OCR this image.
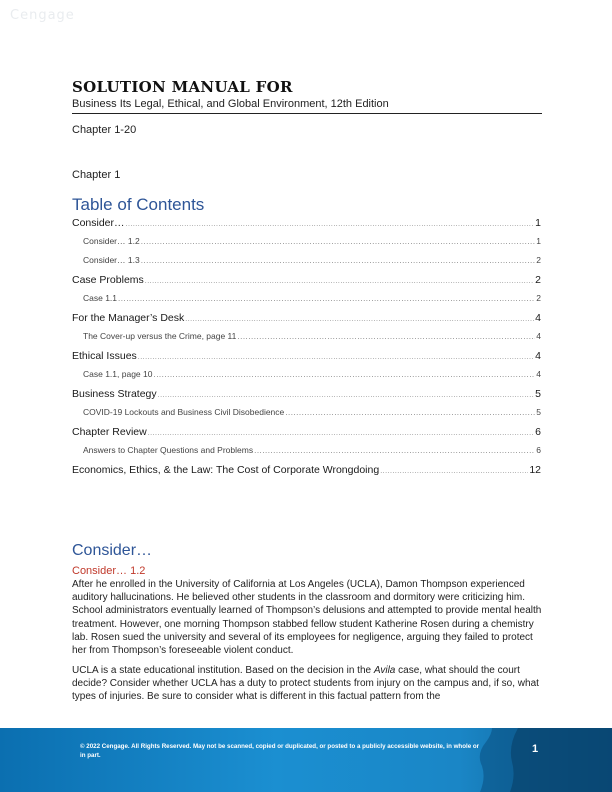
Cengage
SOLUTION MANUAL FOR
Business Its Legal, Ethical, and Global Environment, 12th Edition
Chapter 1-20
Chapter 1
Table of Contents
Consider… .....	1
Consider… 1.2 .....	1
Consider… 1.3 .....	2
Case Problems .....	2
Case 1.1 .....	2
For the Manager’s Desk .....	4
The Cover-up versus the Crime, page 11 .....	4
Ethical Issues .....	4
Case 1.1, page 10 .....	4
Business Strategy .....	5
COVID-19 Lockouts and Business Civil Disobedience .....	5
Chapter Review .....	6
Answers to Chapter Questions and Problems .....	6
Economics, Ethics, & the Law: The Cost of Corporate Wrongdoing .....	12
Consider…
Consider… 1.2
After he enrolled in the University of California at Los Angeles (UCLA), Damon Thompson experienced auditory hallucinations. He believed other students in the classroom and dormitory were criticizing him. School administrators eventually learned of Thompson’s delusions and attempted to provide mental health treatment. However, one morning Thompson stabbed fellow student Katherine Rosen during a chemistry lab. Rosen sued the university and several of its employees for negligence, arguing they failed to protect her from Thompson’s foreseeable violent conduct.
UCLA is a state educational institution. Based on the decision in the Avila case, what should the court decide? Consider whether UCLA has a duty to protect students from injury on the campus and, if so, what types of injuries. Be sure to consider what is different in this factual pattern from the
© 2022 Cengage. All Rights Reserved. May not be scanned, copied or duplicated, or posted to a publicly accessible website, in whole or in part.
1
